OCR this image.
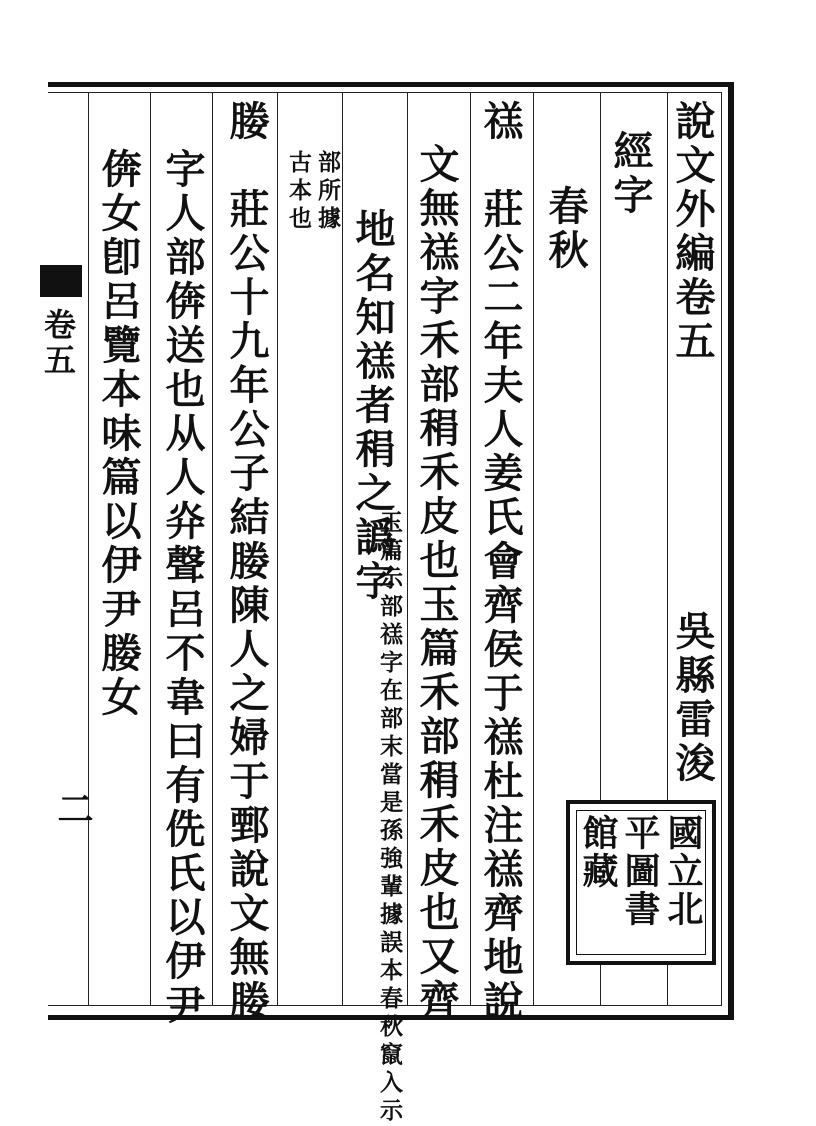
說文外編卷五
吳縣雷浚
經字
春秋
禚　莊公二年夫人姜氏會齊侯于禚杜注禚齊地說
文無禚字禾部䅌禾皮也玉篇禾部䅌禾皮也又齊
地名知禚者䅌之譌字
玉篇示部禚字在部末當是孫強輩據誤本春秋竄入示
部所據
古本也
媵　莊公十九年公子結媵陳人之婦于鄄說文無媵
字人部倴送也从人灷聲呂不韋曰有侁氏以伊尹
倴女卽呂覽本味篇以伊尹媵女
卷五
二
國立北
平圖書
館藏
